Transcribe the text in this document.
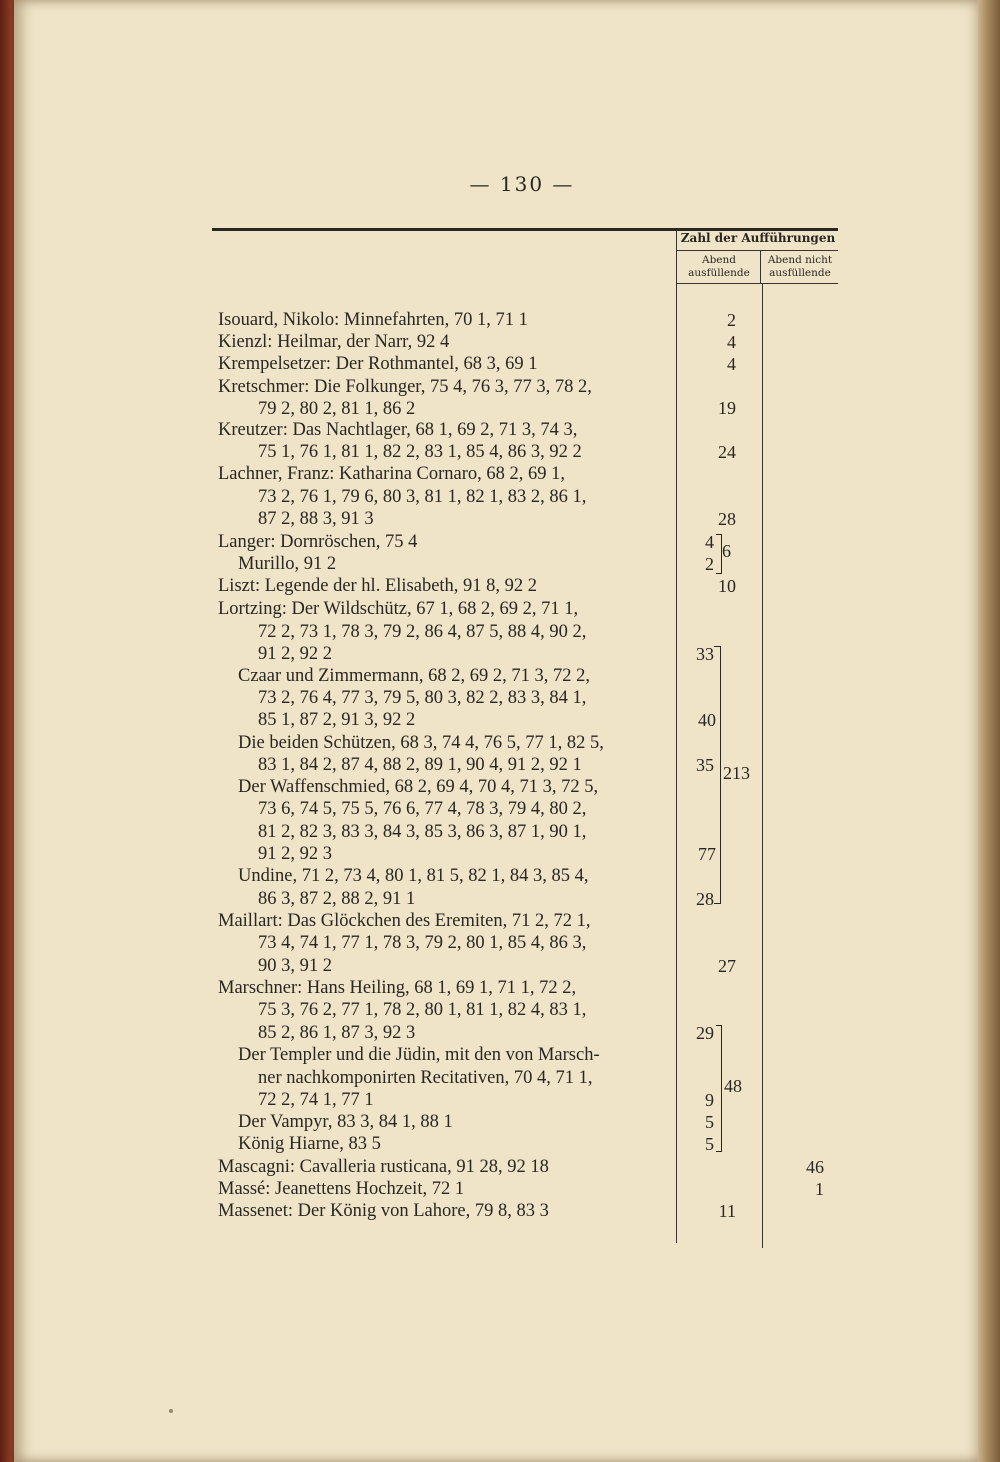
— 130 —
Zahl der Aufführungen
Abend ausfüllende
Abend nicht ausfüllende
Isouard, Nikolo: Minnefahrten, 70 1, 71 1
Kienzl: Heilmar, der Narr, 92 4
Krempelsetzer: Der Rothmantel, 68 3, 69 1
Kretschmer: Die Folkunger, 75 4, 76 3, 77 3, 78 2,
79 2, 80 2, 81 1, 86 2
Kreutzer: Das Nachtlager, 68 1, 69 2, 71 3, 74 3,
75 1, 76 1, 81 1, 82 2, 83 1, 85 4, 86 3, 92 2
Lachner, Franz: Katharina Cornaro, 68 2, 69 1,
73 2, 76 1, 79 6, 80 3, 81 1, 82 1, 83 2, 86 1,
87 2, 88 3, 91 3
Langer: Dornröschen, 75 4
Murillo, 91 2
Liszt: Legende der hl. Elisabeth, 91 8, 92 2
Lortzing: Der Wildschütz, 67 1, 68 2, 69 2, 71 1,
72 2, 73 1, 78 3, 79 2, 86 4, 87 5, 88 4, 90 2,
91 2, 92 2
Czaar und Zimmermann, 68 2, 69 2, 71 3, 72 2,
73 2, 76 4, 77 3, 79 5, 80 3, 82 2, 83 3, 84 1,
85 1, 87 2, 91 3, 92 2
Die beiden Schützen, 68 3, 74 4, 76 5, 77 1, 82 5,
83 1, 84 2, 87 4, 88 2, 89 1, 90 4, 91 2, 92 1
Der Waffenschmied, 68 2, 69 4, 70 4, 71 3, 72 5,
73 6, 74 5, 75 5, 76 6, 77 4, 78 3, 79 4, 80 2,
81 2, 82 3, 83 3, 84 3, 85 3, 86 3, 87 1, 90 1,
91 2, 92 3
Undine, 71 2, 73 4, 80 1, 81 5, 82 1, 84 3, 85 4,
86 3, 87 2, 88 2, 91 1
Maillart: Das Glöckchen des Eremiten, 71 2, 72 1,
73 4, 74 1, 77 1, 78 3, 79 2, 80 1, 85 4, 86 3,
90 3, 91 2
Marschner: Hans Heiling, 68 1, 69 1, 71 1, 72 2,
75 3, 76 2, 77 1, 78 2, 80 1, 81 1, 82 4, 83 1,
85 2, 86 1, 87 3, 92 3
Der Templer und die Jüdin, mit den von Marsch-
ner nachkomponirten Recitativen, 70 4, 71 1,
72 2, 74 1, 77 1
Der Vampyr, 83 3, 84 1, 88 1
König Hiarne, 83 5
Mascagni: Cavalleria rusticana, 91 28, 92 18
Massé: Jeanettens Hochzeit, 72 1
Massenet: Der König von Lahore, 79 8, 83 3
2
4
4
19
24
28
4
2
10
33
40
35
77
28
27
29
9
5
5
11
6
213
48
46
1
